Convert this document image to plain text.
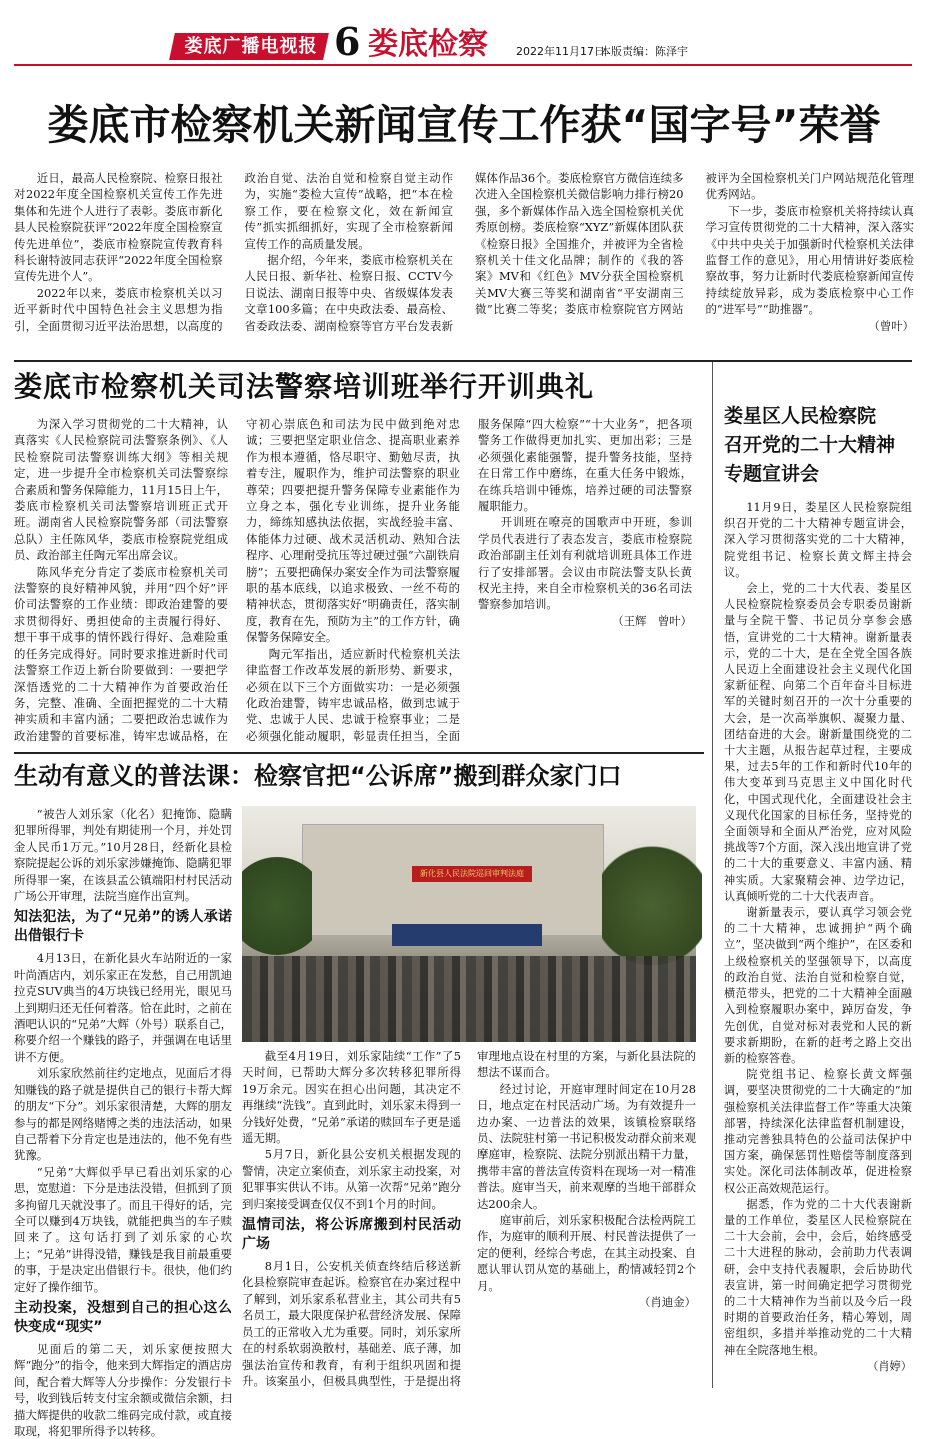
娄底广播电视报 6 娄底检察	2022年11月17日
本版责编：陈泽宇
娄底市检察机关新闻宣传工作获“国字号”荣誉

近日，最高人民检察院、检察日报社对2022年度全国检察机关宣传工作先进集体和先进个人进行了表彰。娄底市新化县人民检察院获评“2022年度全国检察宣传先进单位”，娄底市检察院宣传教育科科长谢特波同志获评“2022年度全国检察宣传先进个人”。

2022年以来，娄底市检察机关以习近平新时代中国特色社会主义思想为指引，全面贯彻习近平法治思想，以高度的政治自觉、法治自觉和检察自觉主动作为，实施“娄检大宣传”战略，把“本在检察工作，要在检察文化，效在新闻宣传”抓实抓细抓好，实现了全市检察新闻宣传工作的高质量发展。

据介绍，今年来，娄底市检察机关在人民日报、新华社、检察日报、CCTV今日说法、湖南日报等中央、省级媒体发表文章100多篇；在中央政法委、最高检、省委政法委、湖南检察等官方平台发表新媒体作品36个。娄底检察官方微信连续多次进入全国检察机关微信影响力排行榜20强，多个新媒体作品入选全国检察机关优秀原创榜。娄底检察“XYZ”新媒体团队获《检察日报》全国推介，并被评为全省检察机关十佳文化品牌；制作的《我的答案》MV和《红色》MV分获全国检察机关MV大赛三等奖和湖南省“平安湖南三微”比赛二等奖；娄底市检察院官方网站被评为全国检察机关门户网站规范化管理优秀网站。

下一步，娄底市检察机关将持续认真学习宣传贯彻党的二十大精神，深入落实《中共中央关于加强新时代检察机关法律监督工作的意见》，用心用情讲好娄底检察故事，努力让新时代娄底检察新闻宣传持续绽放异彩，成为娄底检察中心工作的“进军号”“助推器”。

（曾叶）

娄底市检察机关司法警察培训班举行开训典礼

为深入学习贯彻党的二十大精神，认真落实《人民检察院司法警察条例》、《人民检察院司法警察训练大纲》等相关规定，进一步提升全市检察机关司法警察综合素质和警务保障能力，11月15日上午，娄底市检察机关司法警察培训班正式开班。湖南省人民检察院警务部（司法警察总队）主任陈风华，娄底市检察院党组成员、政治部主任陶元军出席会议。

陈风华充分肯定了娄底市检察机关司法警察的良好精神风貌，并用“四个好”评价司法警察的工作业绩：即政治建警的要求贯彻得好、勇担使命的主责履行得好、想干事干成事的情怀践行得好、急难险重的任务完成得好。同时要求推进新时代司法警察工作迈上新台阶要做到：一要把学深悟透党的二十大精神作为首要政治任务，完整、准确、全面把握党的二十大精神实质和丰富内涵；二要把政治忠诚作为政治建警的首要标准，铸牢忠诚品格，在守初心崇底色和司法为民中做到绝对忠诚；三要把坚定职业信念、提高职业素养作为根本遵循，恪尽职守、勤勉尽责，执着专注，履职作为，维护司法警察的职业尊荣；四要把提升警务保障专业素能作为立身之本，强化专业训练，提升业务能力，缔练知感执法依据，实战经验丰富、体能体力过硬、战术灵活机动、熟知合法程序、心理耐受抗压等过硬过强“六副铁肩膀”；五要把确保办案安全作为司法警察履职的基本底线，以追求极致、一丝不苟的精神状态，贯彻落实好“明确责任，落实制度，教育在先，预防为主”的工作方针，确保警务保障安全。

陶元军指出，适应新时代检察机关法律监督工作改革发展的新形势、新要求，必须在以下三个方面做实功：一是必须强化政治建警，铸牢忠诚品格，做到忠诚于党、忠诚于人民、忠诚于检察事业；二是必须强化能动履职，彰显责任担当，全面服务保障“四大检察”“十大业务”，把各项警务工作做得更加扎实、更加出彩；三是必须强化素能强警，提升警务技能，坚持在日常工作中磨练，在重大任务中锻炼，在练兵培训中锤炼，培养过硬的司法警察履职能力。

开训班在嘹亮的国歌声中开班，参训学员代表进行了表态发言，娄底市检察院政治部副主任刘有利就培训班具体工作进行了安排部署。会议由市院法警支队长黄权光主持，来自全市检察机关的36名司法警察参加培训。

（王辉　曾叶）

娄星区人民检察院
召开党的二十大精神
专题宣讲会

11月9日，娄星区人民检察院组织召开党的二十大精神专题宣讲会，深入学习贯彻落实党的二十大精神，院党组书记、检察长黄文辉主持会议。

会上，党的二十大代表、娄星区人民检察院检察委员会专职委员谢新量与全院干警、书记员分享参会感悟，宣讲党的二十大精神。谢新量表示，党的二十大，是在全党全国各族人民迈上全面建设社会主义现代化国家新征程、向第二个百年奋斗目标进军的关键时刻召开的一次十分重要的大会，是一次高举旗帜、凝聚力量、团结奋进的大会。谢新量围绕党的二十大主题，从报告起草过程，主要成果，过去5年的工作和新时代10年的伟大变革到马克思主义中国化时代化，中国式现代化，全面建设社会主义现代化国家的目标任务，坚持党的全面领导和全面从严治党，应对风险挑战等7个方面，深入浅出地宣讲了党的二十大的重要意义、丰富内涵、精神实质。大家聚精会神、边学边记，认真倾听党的二十大代表声音。

谢新量表示，要认真学习领会党的二十大精神，忠诚拥护“两个确立”，坚决做到“两个维护”，在区委和上级检察机关的坚强领导下，以高度的政治自觉、法治自觉和检察自觉，横范带头，把党的二十大精神全面融入到检察履职办案中，踔厉奋发，争先创优，自觉对标对表党和人民的新要求新期盼，在新的赶考之路上交出新的检察答卷。

院党组书记、检察长黄文辉强调，要坚决贯彻党的二十大确定的“加强检察机关法律监督工作”等重大决策部署，持续深化法律监督机制建设，推动完善独具特色的公益司法保护中国方案，确保惩罚性赔偿等制度落到实处。深化司法体制改革，促进检察权公正高效规范运行。

据悉，作为党的二十大代表谢新量的工作单位，娄星区人民检察院在二十大会前，会中，会后，始终感受二十大进程的脉动，会前助力代表调研，会中支持代表履职，会后协助代表宣讲，第一时间确定把学习贯彻党的二十大精神作为当前以及今后一段时期的首要政治任务，精心筹划，周密组织，多措并举推动党的二十大精神在全院落地生根。

（肖婷）

生动有意义的普法课：检察官把“公诉席”搬到群众家门口
新化县人民法院巡回审判法庭

“被告人刘乐家（化名）犯掩饰、隐瞒犯罪所得罪，判处有期徒刑一个月，并处罚金人民币1万元。”10月28日，经新化县检察院提起公诉的刘乐家涉嫌掩饰、隐瞒犯罪所得罪一案，在该县孟公镇端阳村村民活动广场公开审理，法院当庭作出宣判。

知法犯法，为了“兄弟”的诱人承诺出借银行卡

4月13日，在新化县火车站附近的一家叶尚酒店内，刘乐家正在发愁，自己用凯迪拉克SUV典当的4万块钱已经用光，眼见马上到期归还无任何着落。恰在此时，之前在酒吧认识的“兄弟”大辉（外号）联系自己，称要介绍一个赚钱的路子，并强调在电话里讲不方便。

刘乐家欣然前往约定地点，见面后才得知赚钱的路子就是提供自己的银行卡帮大辉的朋友“下分”。刘乐家很清楚，大辉的朋友参与的都是网络赌博之类的违法活动，如果自己帮着下分肯定也是违法的，他不免有些犹豫。

“兄弟”大辉似乎早已看出刘乐家的心思，宽慰道：下分是违法没错，但抓到了顶多拘留几天就没事了。而且干得好的话，完全可以赚到4万块钱，就能把典当的车子赎回来了。这句话打到了刘乐家的心坎上；“兄弟”讲得没错，赚钱是我目前最重要的事，于是决定出借银行卡。很快，他们约定好了操作细节。

主动投案，没想到自己的担心这么快变成“现实”

见面后的第二天，刘乐家便按照大辉“跑分”的指令，他来到大辉指定的酒店房间，配合着大辉等人分步操作：分发银行卡号，收到钱后转支付宝余额或微信余额，扫描大辉提供的收款二维码完成付款，或直接取现，将犯罪所得予以转移。

截至4月19日，刘乐家陆续“工作”了5天时间，已帮助大辉分多次转移犯罪所得19万余元。因实在担心出问题，其决定不再继续“洗钱”。直到此时，刘乐家未得到一分钱好处费，“兄弟”承诺的赎回车子更是遥遥无期。

5月7日，新化县公安机关根据发现的警情，决定立案侦查，刘乐家主动投案，对犯罪事实供认不讳。从第一次帮“兄弟”跑分到归案接受调查仅仅不到1个月的时间。

温情司法，将公诉席搬到村民活动广场

8月1日，公安机关侦查终结后移送新化县检察院审查起诉。检察官在办案过程中了解到，刘乐家系私营业主，其公司共有5名员工，最大限度保护私营经济发展、保障员工的正常收入尤为重要。同时，刘乐家所在的村系软弱涣散村，基础差、底子薄，加强法治宣传和教育，有利于组织巩固和提升。该案虽小，但极具典型性，于是提出将审理地点设在村里的方案，与新化县法院的想法不谋而合。

经过讨论，开庭审理时间定在10月28日，地点定在村民活动广场。为有效提升一边办案、一边普法的效果，该镇检察联络员、法院驻村第一书记积极发动群众前来观摩庭审，检察院、法院分别派出精干力量，携带丰富的普法宣传资料在现场一对一精准普法。庭审当天，前来观摩的当地干部群众达200余人。

庭审前后，刘乐家积极配合法检两院工作，为庭审的顺利开展、村民普法提供了一定的便利，经综合考虑，在其主动投案、自愿认罪认罚从宽的基础上，酌情减轻罚2个月。

（肖迪金）
